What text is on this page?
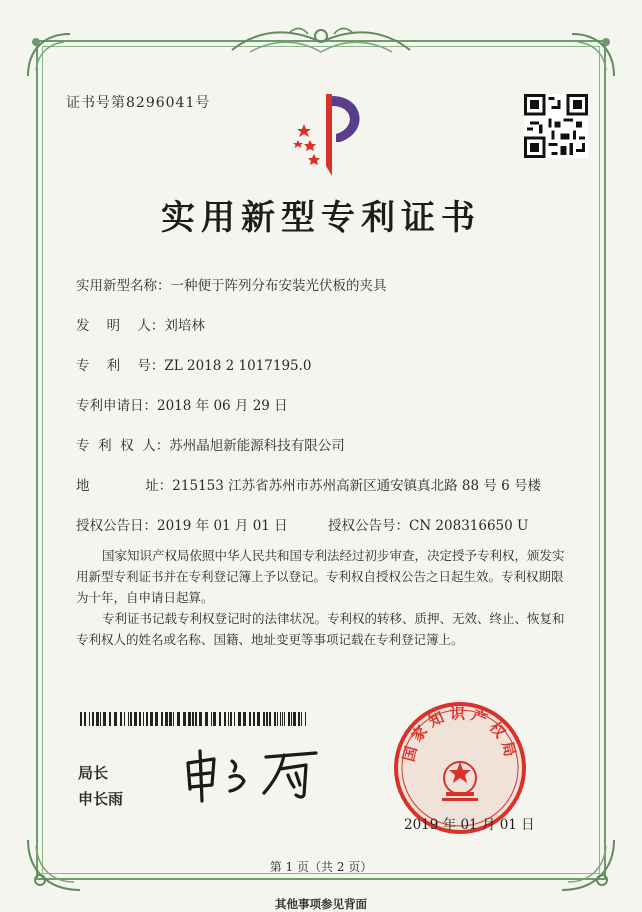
证书号第8296041号
实用新型专利证书
实用新型名称：一种便于阵列分布安装光伏板的夹具
发    明    人：刘培林
专    利    号：ZL 2018 2 1017195.0
专利申请日：2018 年 06 月 29 日
专  利  权  人：苏州晶旭新能源科技有限公司
地             址：215153 江苏省苏州市苏州高新区通安镇真北路 88 号 6 号楼
授权公告日：2019 年 01 月 01 日	授权公告号：CN 208316650 U
国家知识产权局依照中华人民共和国专利法经过初步审查，决定授予专利权，颁发实用新型专利证书并在专利登记簿上予以登记。专利权自授权公告之日起生效。专利权期限为十年，自申请日起算。
专利证书记载专利权登记时的法律状况。专利权的转移、质押、无效、终止、恢复和专利权人的姓名或名称、国籍、地址变更等事项记载在专利登记簿上。
局长
申长雨
国家知识产权局
2019 年 01 月 01 日
第 1 页（共 2 页）
其他事项参见背面
